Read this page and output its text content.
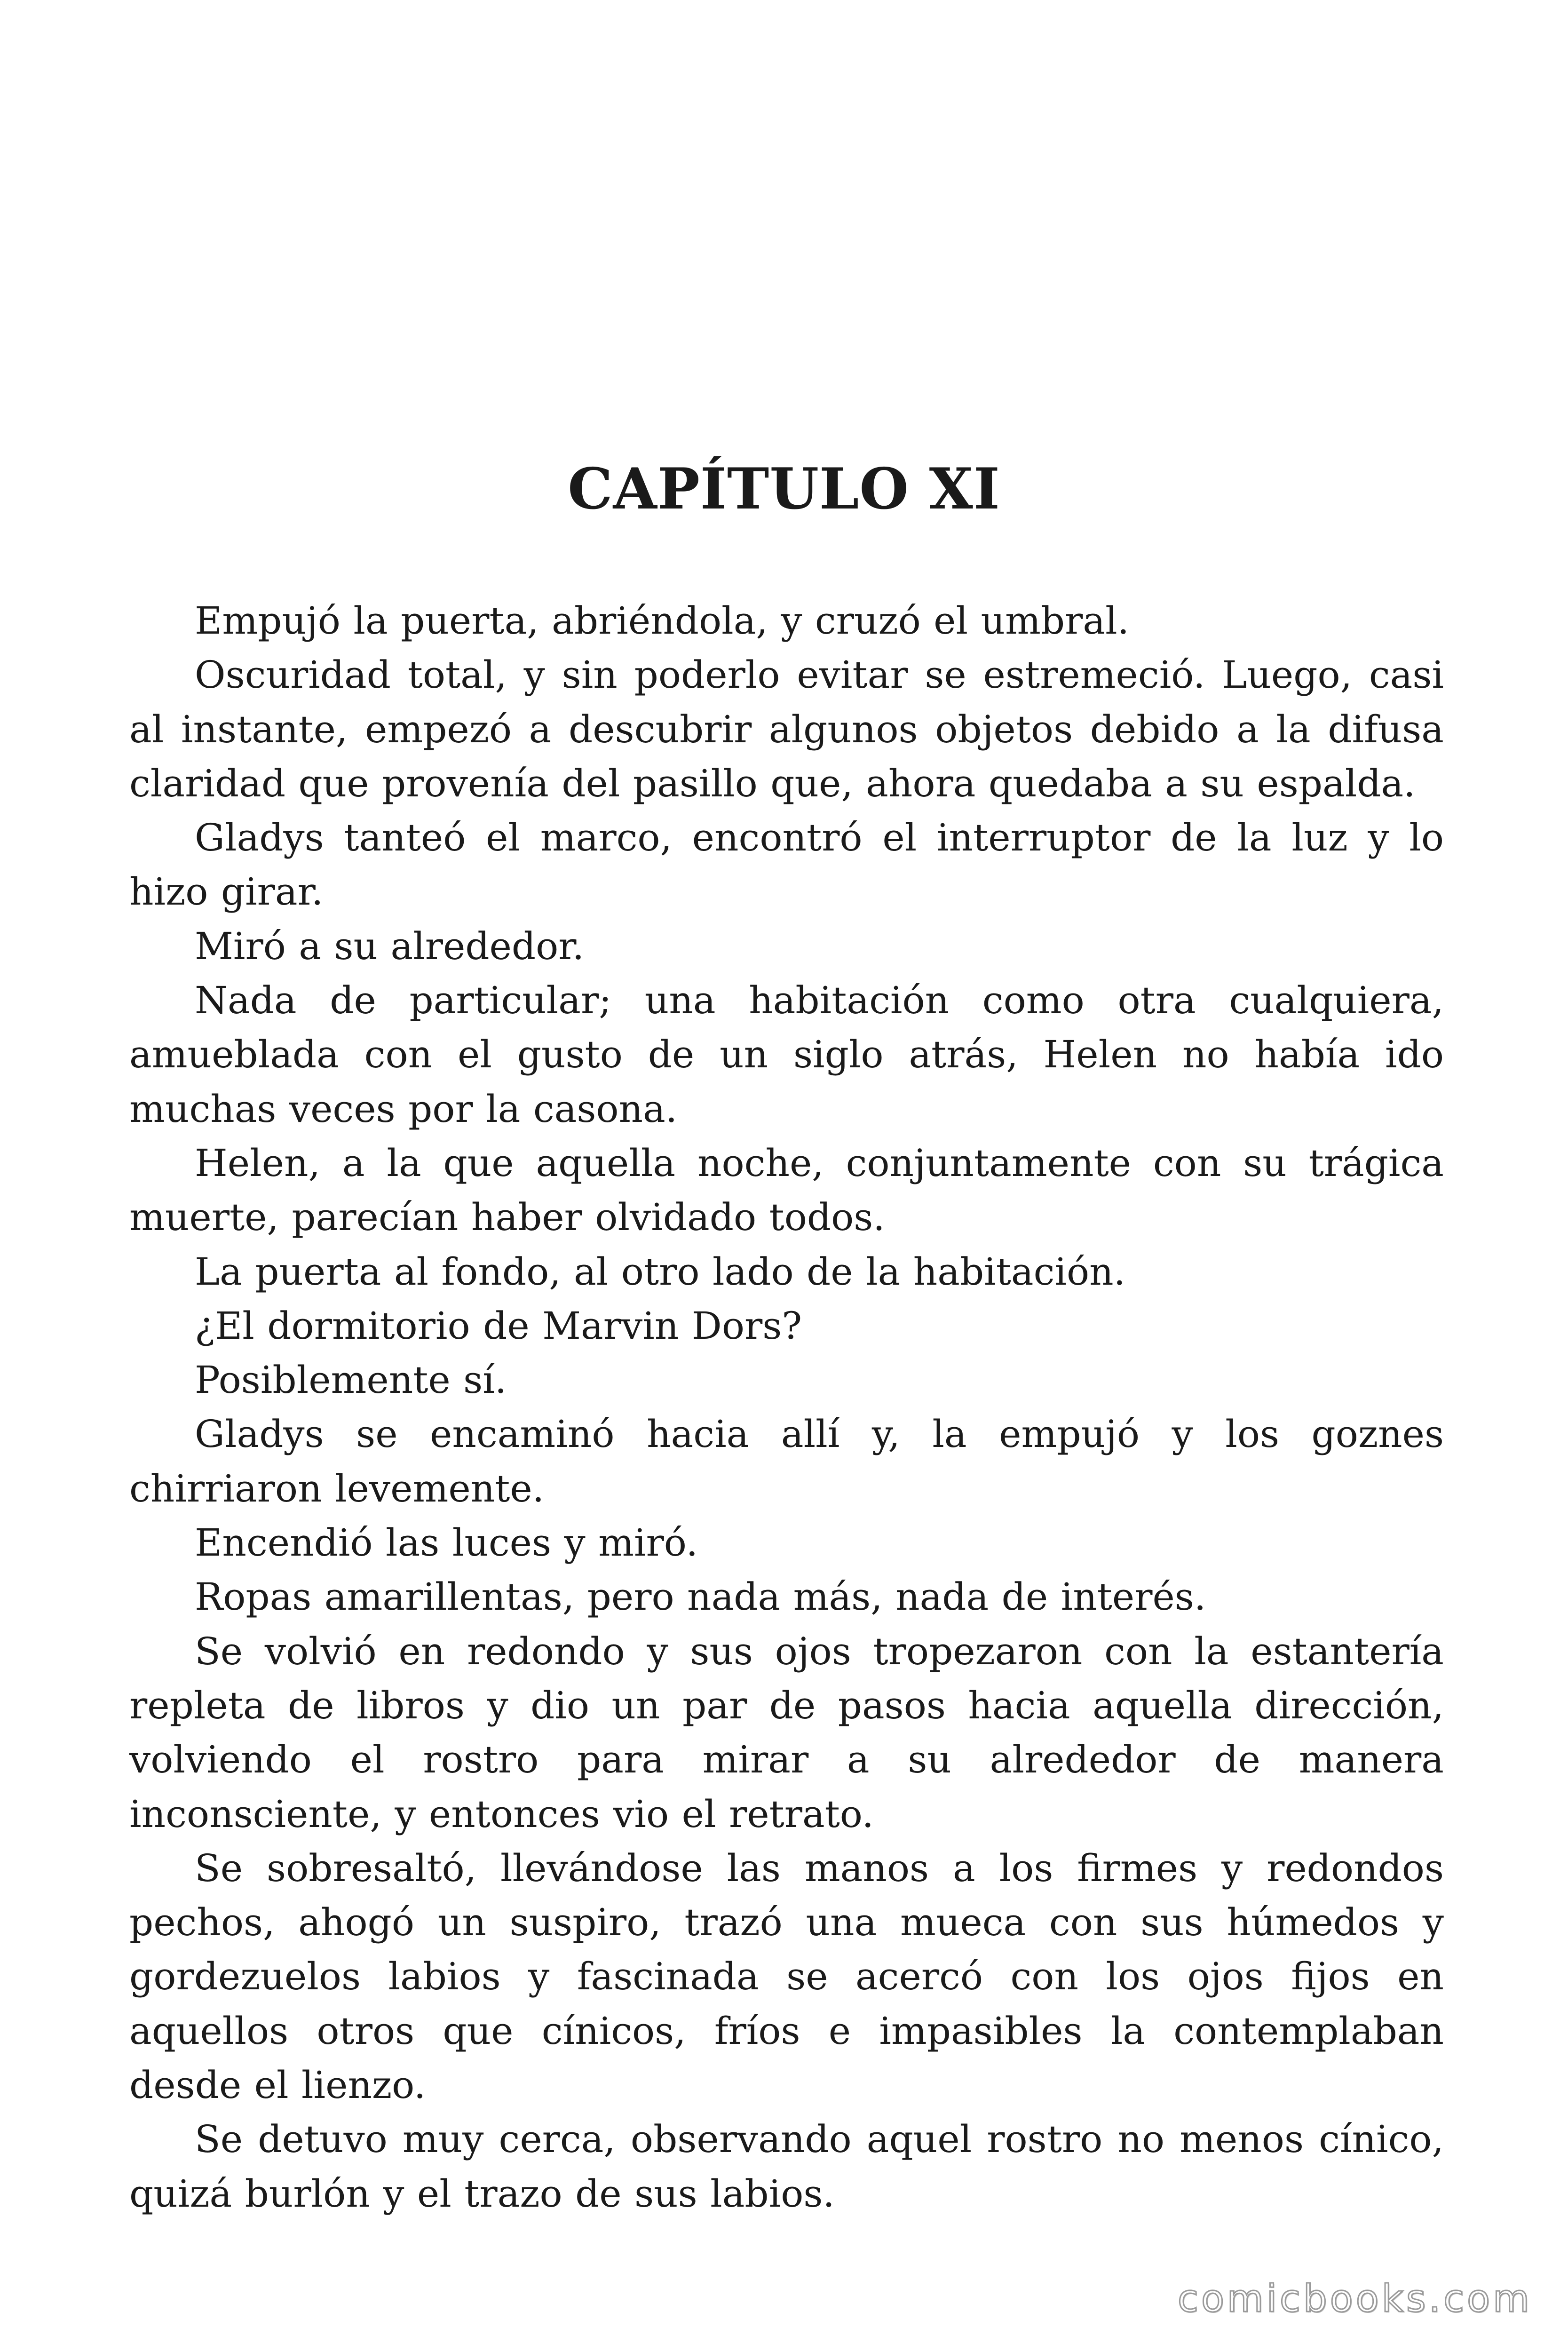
CAPÍTULO XI

Empujó la puerta, abriéndola, y cruzó el umbral.

Oscuridad total, y sin poderlo evitar se estremeció. Luego, casi al instante, empezó a descubrir algunos objetos debido a la difusa claridad que provenía del pasillo que, ahora quedaba a su espalda.

Gladys tanteó el marco, encontró el interruptor de la luz y lo hizo girar.

Miró a su alrededor.

Nada de particular; una habitación como otra cualquiera, amueblada con el gusto de un siglo atrás, Helen no había ido muchas veces por la casona.

Helen, a la que aquella noche, conjuntamente con su trágica muerte, parecían haber olvidado todos.

La puerta al fondo, al otro lado de la habitación.

¿El dormitorio de Marvin Dors?

Posiblemente sí.

Gladys se encaminó hacia allí y, la empujó y los goznes chirriaron levemente.

Encendió las luces y miró.

Ropas amarillentas, pero nada más, nada de interés.

Se volvió en redondo y sus ojos tropezaron con la estantería repleta de libros y dio un par de pasos hacia aquella dirección, volviendo el rostro para mirar a su alrededor de manera inconsciente, y entonces vio el retrato.

Se sobresaltó, llevándose las manos a los firmes y redondos pechos, ahogó un suspiro, trazó una mueca con sus húmedos y gordezuelos labios y fascinada se acercó con los ojos fijos en aquellos otros que cínicos, fríos e impasibles la contemplaban desde el lienzo.

Se detuvo muy cerca, observando aquel rostro no menos cínico, quizá burlón y el trazo de sus labios.

comicbooks.com
